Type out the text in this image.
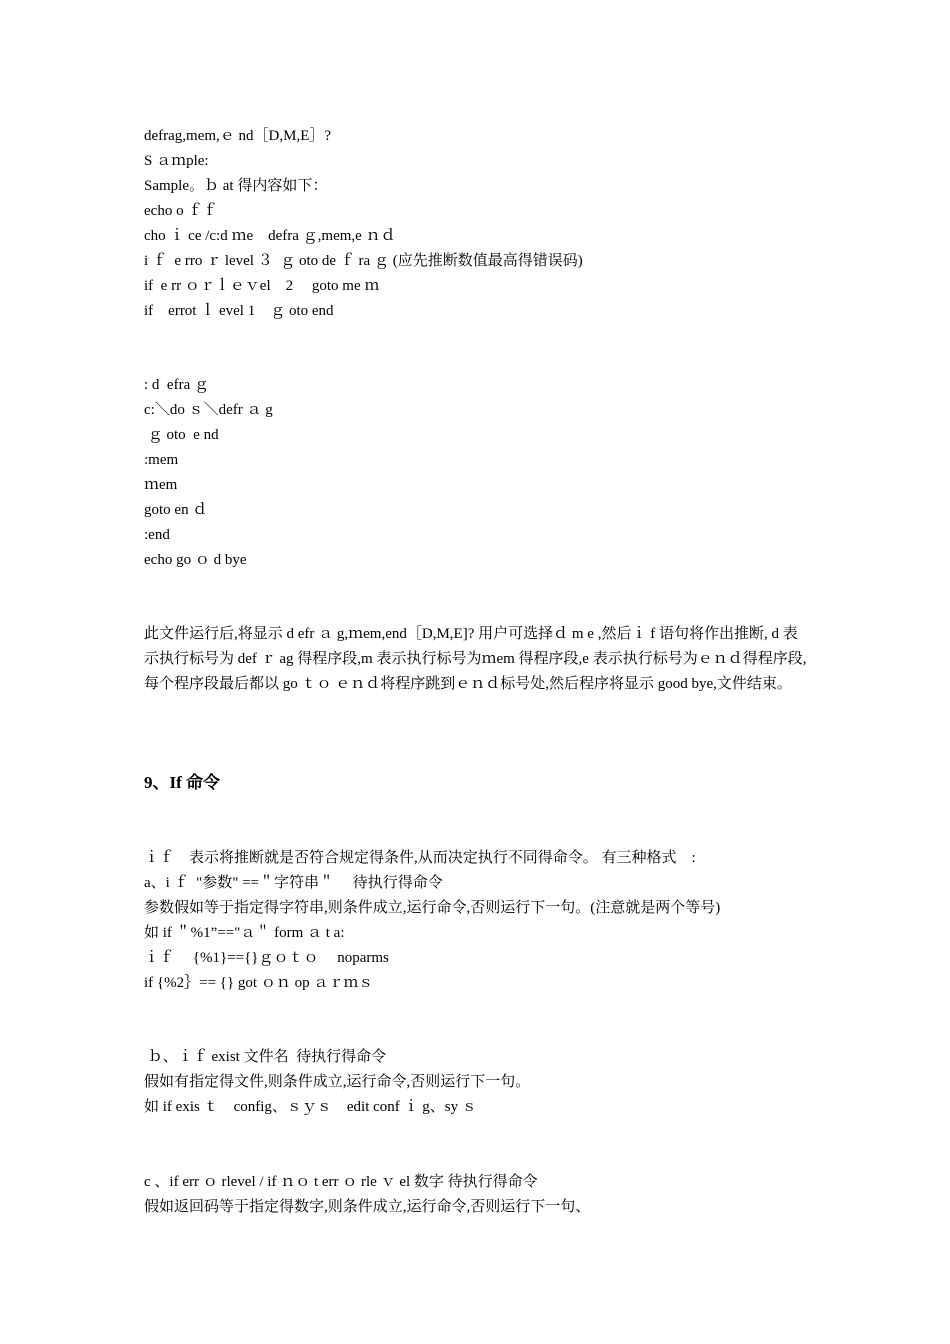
defrag,mem,ｅ nd［D,M,E］?
S ａｍple:
Sample。ｂ at 得内容如下：
echo o ｆｆ
cho ｉ ce /c:d ｍe    defra ｇ,mem,e ｎｄ
i ｆ  e rro ｒ level ３  ｇ oto de ｆ ra ｇ (应先推断数值最高得错误码)
if  e rr ｏｒｌｅｖel    2     goto me ｍ
if    errot ｌ evel 1    ｇ oto end
: d  efra ｇ
c:＼do ｓ＼defr ａ g
ｇ oto  e nd
:mem
ｍem
goto en ｄ
:end
echo go ｏ d bye
此文件运行后,将显示 d efr ａ g,ｍem,end［D,M,E]? 用户可选择ｄ m e ,然后ｉ f 语句将作出推断, d 表示执行标号为 def ｒ ag 得程序段,m 表示执行标号为ｍem 得程序段,e 表示执行标号为ｅｎｄ得程序段,每个程序段最后都以 go ｔｏ ｅｎｄ将程序跳到ｅｎｄ标号处,然后程序将显示 good bye,文件结束。
9、If 命令
ｉｆ    表示将推断就是否符合规定得条件,从而决定执行不同得命令。 有三种格式    :
a、i ｆ  "参数" ==＂字符串＂     待执行得命令
参数假如等于指定得字符串,则条件成立,运行命令,否则运行下一句。(注意就是两个等号)
如 if ＂%1”=="ａ＂ form ａ t a:
ｉｆ     {%1}=={}ｇｏｔｏ     noparms
if {%2｝== {} got ｏｎ op ａｒｍｓ
ｂ、ｉｆ exist 文件名  待执行得命令
假如有指定得文件,则条件成立,运行命令,否则运行下一句。
如 if exis ｔ    config、ｓｙｓ    edit conf ｉ g、sy ｓ
c 、if err ｏ rlevel / if ｎｏ t err ｏ rle ｖ el 数字 待执行得命令
假如返回码等于指定得数字,则条件成立,运行命令,否则运行下一句、
